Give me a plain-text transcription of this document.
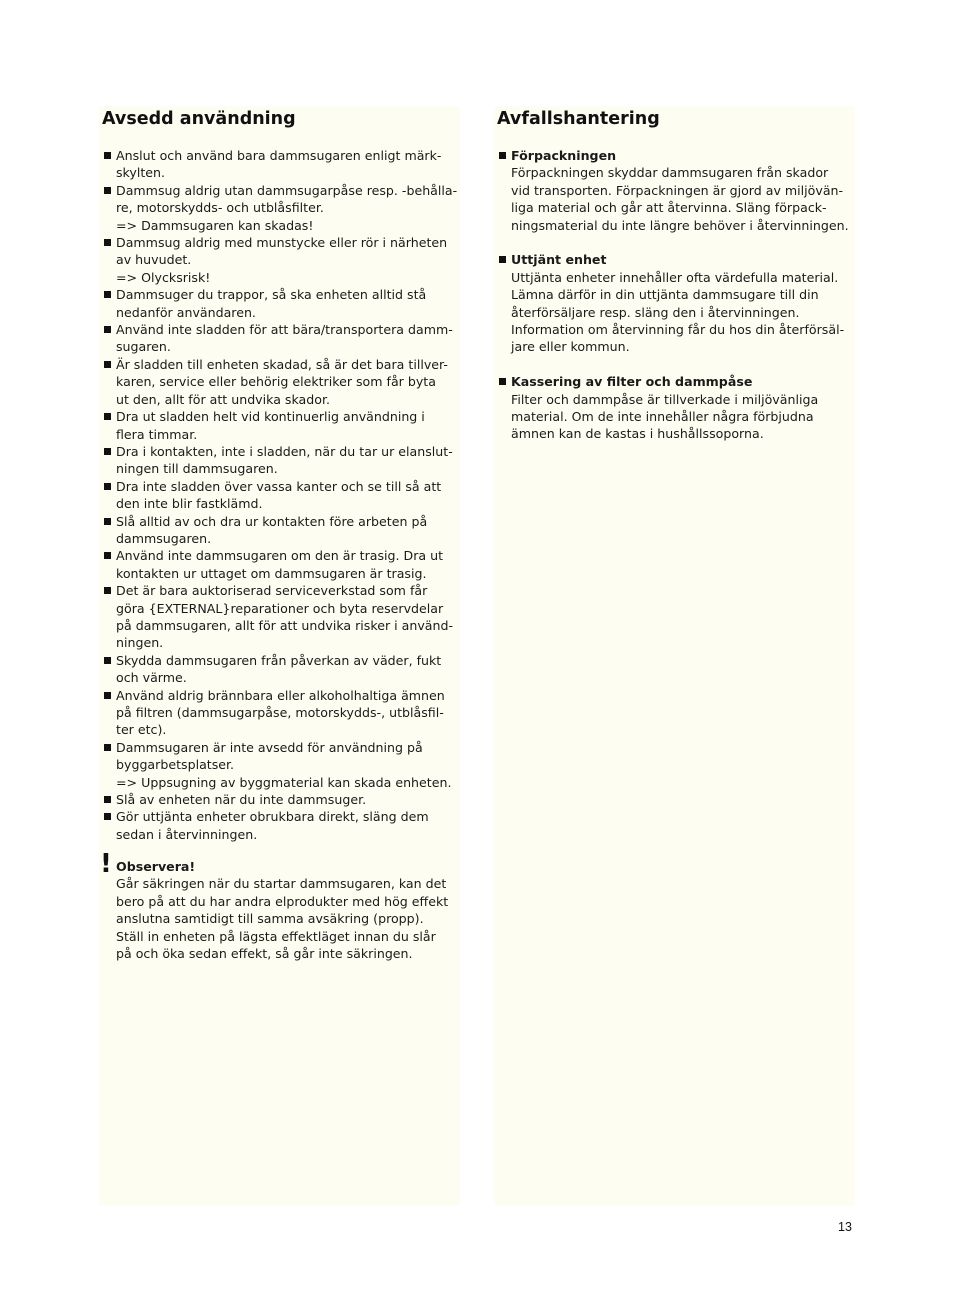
Avsedd användning
Anslut och använd bara dammsugaren enligt märk-
skylten.
Dammsug aldrig utan dammsugarpåse resp. -behålla-
re, motorskydds- och utblåsfilter.
=> Dammsugaren kan skadas!
Dammsug aldrig med munstycke eller rör i närheten
av huvudet.
=> Olycksrisk!
Dammsuger du trappor, så ska enheten alltid stå
nedanför användaren.
Använd inte sladden för att bära/transportera damm-
sugaren.
Är sladden till enheten skadad, så är det bara tillver-
karen, service eller behörig elektriker som får byta
ut den, allt för att undvika skador.
Dra ut sladden helt vid kontinuerlig användning i
flera timmar.
Dra i kontakten, inte i sladden, när du tar ur elanslut-
ningen till dammsugaren.
Dra inte sladden över vassa kanter och se till så att
den inte blir fastklämd.
Slå alltid av och dra ur kontakten före arbeten på
dammsugaren.
Använd inte dammsugaren om den är trasig. Dra ut
kontakten ur uttaget om dammsugaren är trasig.
Det är bara auktoriserad serviceverkstad som får
göra {EXTERNAL}reparationer och byta reservdelar
på dammsugaren, allt för att undvika risker i använd-
ningen.
Skydda dammsugaren från påverkan av väder, fukt
och värme.
Använd aldrig brännbara eller alkoholhaltiga ämnen
på filtren (dammsugarpåse, motorskydds-, utblåsfil-
ter etc).
Dammsugaren är inte avsedd för användning på
byggarbetsplatser.
=> Uppsugning av byggmaterial kan skada enheten.
Slå av enheten när du inte dammsuger.
Gör uttjänta enheter obrukbara direkt, släng dem
sedan i återvinningen.
! Observera!
Går säkringen när du startar dammsugaren, kan det
bero på att du har andra elprodukter med hög effekt
anslutna samtidigt till samma avsäkring (propp).
Ställ in enheten på lägsta effektläget innan du slår
på och öka sedan effekt, så går inte säkringen.
Avfallshantering
Förpackningen
Förpackningen skyddar dammsugaren från skador
vid transporten. Förpackningen är gjord av miljövän-
liga material och går att återvinna. Släng förpack-
ningsmaterial du inte längre behöver i återvinningen.
Uttjänt enhet
Uttjänta enheter innehåller ofta värdefulla material.
Lämna därför in din uttjänta dammsugare till din
återförsäljare resp. släng den i återvinningen.
Information om återvinning får du hos din återförsäl-
jare eller kommun.
Kassering av filter och dammpåse
Filter och dammpåse är tillverkade i miljövänliga
material. Om de inte innehåller några förbjudna
ämnen kan de kastas i hushållssoporna.
13
